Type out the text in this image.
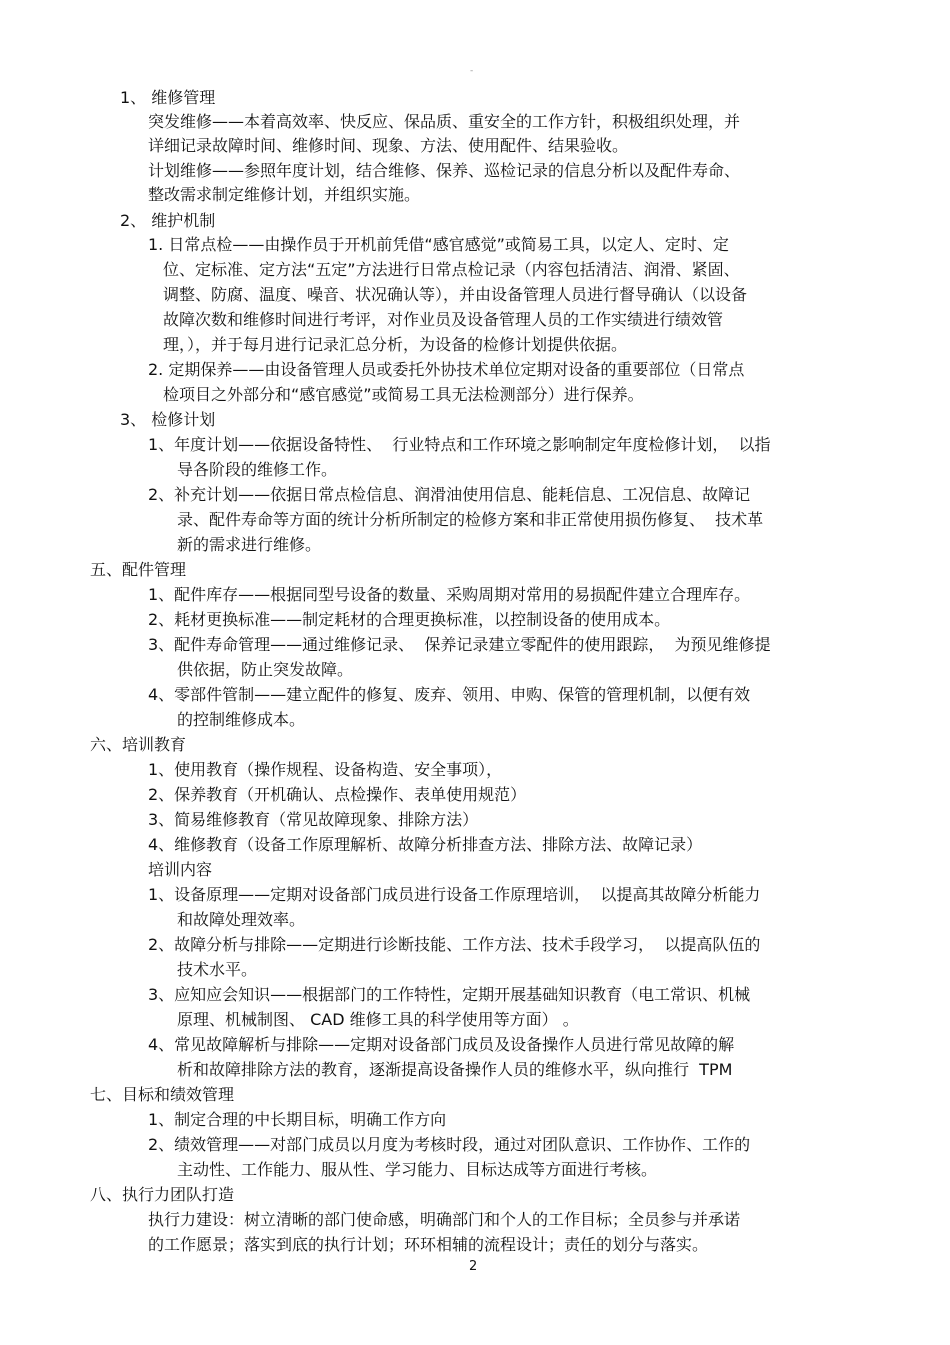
-
1、 维修管理
突发维修——本着高效率、快反应、保品质、重安全的工作方针，积极组织处理，并
详细记录故障时间、维修时间、现象、方法、使用配件、结果验收。
计划维修——参照年度计划，结合维修、保养、巡检记录的信息分析以及配件寿命、
整改需求制定维修计划，并组织实施。
2、 维护机制
1. 日常点检——由操作员于开机前凭借“感官感觉”或简易工具，以定人、定时、定
位、定标准、定方法“五定”方法进行日常点检记录（内容包括清洁、润滑、紧固、
调整、防腐、温度、噪音、状况确认等），并由设备管理人员进行督导确认（以设备
故障次数和维修时间进行考评，对作业员及设备管理人员的工作实绩进行绩效管
理，），并于每月进行记录汇总分析，为设备的检修计划提供依据。
2. 定期保养——由设备管理人员或委托外协技术单位定期对设备的重要部位（日常点
检项目之外部分和“感官感觉”或简易工具无法检测部分）进行保养。
3、 检修计划
1、年度计划——依据设备特性、  行业特点和工作环境之影响制定年度检修计划，  以指
导各阶段的维修工作。
2、补充计划——依据日常点检信息、润滑油使用信息、能耗信息、工况信息、故障记
录、配件寿命等方面的统计分析所制定的检修方案和非正常使用损伤修复、  技术革
新的需求进行维修。
五、配件管理
1、配件库存——根据同型号设备的数量、采购周期对常用的易损配件建立合理库存。
2、耗材更换标准——制定耗材的合理更换标准，以控制设备的使用成本。
3、配件寿命管理——通过维修记录、  保养记录建立零配件的使用跟踪，  为预见维修提
供依据，防止突发故障。
4、零部件管制——建立配件的修复、废弃、领用、申购、保管的管理机制，以便有效
的控制维修成本。
六、培训教育
1、使用教育（操作规程、设备构造、安全事项），
2、保养教育（开机确认、点检操作、表单使用规范）
3、简易维修教育（常见故障现象、排除方法）
4、维修教育（设备工作原理解析、故障分析排查方法、排除方法、故障记录）
培训内容
1、设备原理——定期对设备部门成员进行设备工作原理培训，  以提高其故障分析能力
和故障处理效率。
2、故障分析与排除——定期进行诊断技能、工作方法、技术手段学习，  以提高队伍的
技术水平。
3、应知应会知识——根据部门的工作特性，定期开展基础知识教育（电工常识、机械
原理、机械制图、 CAD 维修工具的科学使用等方面） 。
4、常见故障解析与排除——定期对设备部门成员及设备操作人员进行常见故障的解
析和故障排除方法的教育，逐渐提高设备操作人员的维修水平，纵向推行  TPM
七、目标和绩效管理
1、制定合理的中长期目标，明确工作方向
2、绩效管理——对部门成员以月度为考核时段，通过对团队意识、工作协作、工作的
主动性、工作能力、服从性、学习能力、目标达成等方面进行考核。
八、执行力团队打造
执行力建设：树立清晰的部门使命感，明确部门和个人的工作目标；全员参与并承诺
的工作愿景；落实到底的执行计划；环环相辅的流程设计；责任的划分与落实。
2
